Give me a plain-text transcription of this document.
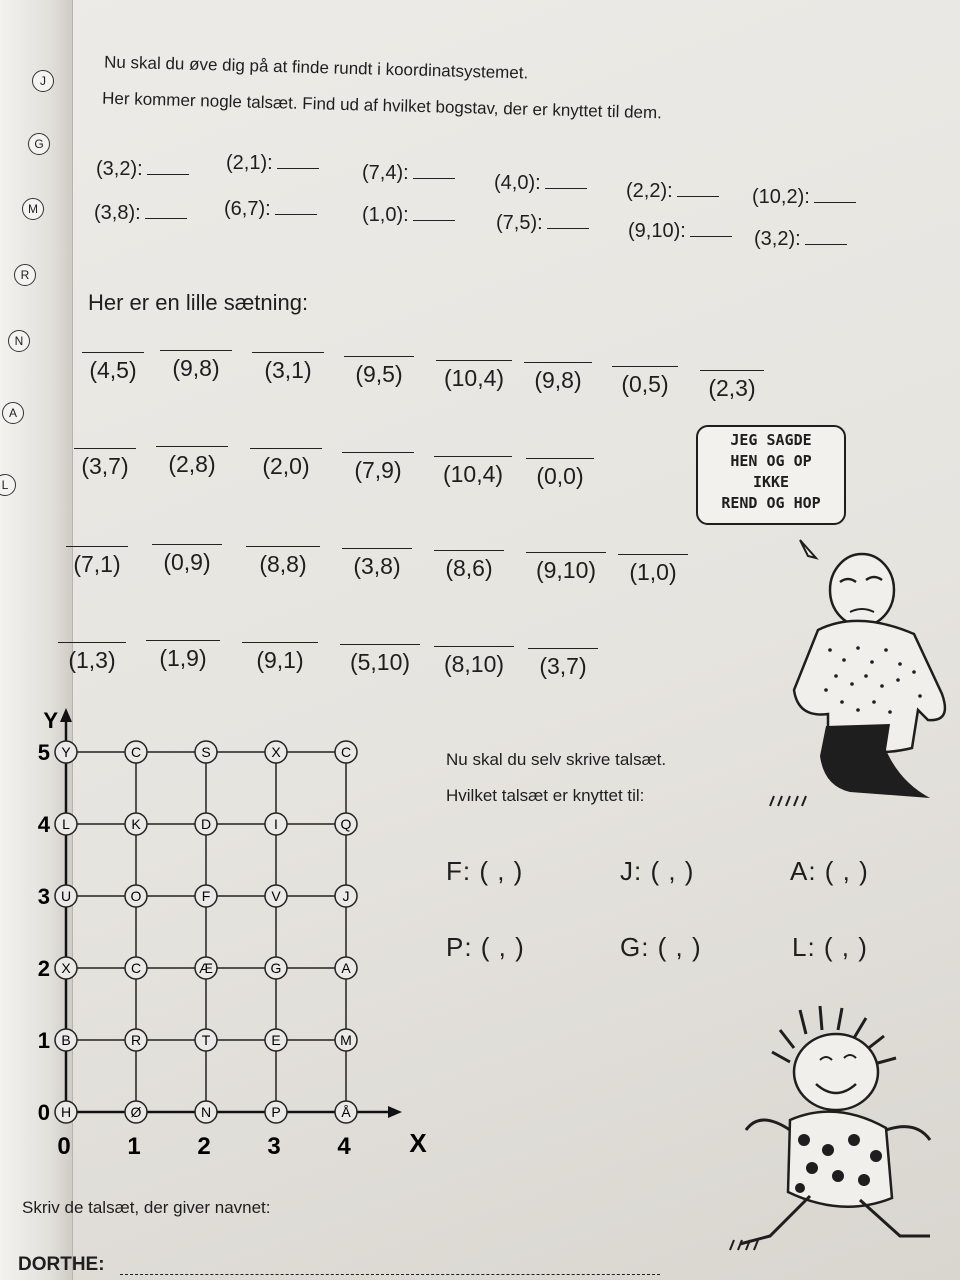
J
G
M
R
N
A
L
Nu skal du øve dig på at finde rundt i koordinatsystemet.
Her kommer nogle talsæt. Find ud af hvilket bogstav, der er knyttet til dem.
(3,2):	(2,1):	(7,4):	(4,0):	(2,2):	(10,2):
(3,8):	(6,7):	(1,0):	(7,5):	(9,10):	(3,2):
Her er en lille sætning:
(4,5)	(9,8)	(3,1)	(9,5)	(10,4)	(9,8)	(0,5)	(2,3)
(3,7)	(2,8)	(2,0)	(7,9)	(10,4)	(0,0)
(7,1)	(0,9)	(8,8)	(3,8)	(8,6)	(9,10)	(1,0)
(1,3)	(1,9)	(9,1)	(5,10)	(8,10)	(3,7)
JEG SAGDE
HEN OG OP
IKKE
REND OG HOP
Y
X
0 1 2 3 4
0
1
2
3
4
5
H	Ø	N	P	Å
B	R	T	E	M
X	C	Æ	G	A
U	O	F	V	J
L	K	D	I	Q
Y	C	S	X	C	Nu skal du selv skrive talsæt.
Hvilket talsæt er knyttet til:
F: ( , )	J: ( , )	A: ( , )
P: ( , )	G: ( , )	L: ( , )
Skriv de talsæt, der giver navnet:
DORTHE:
